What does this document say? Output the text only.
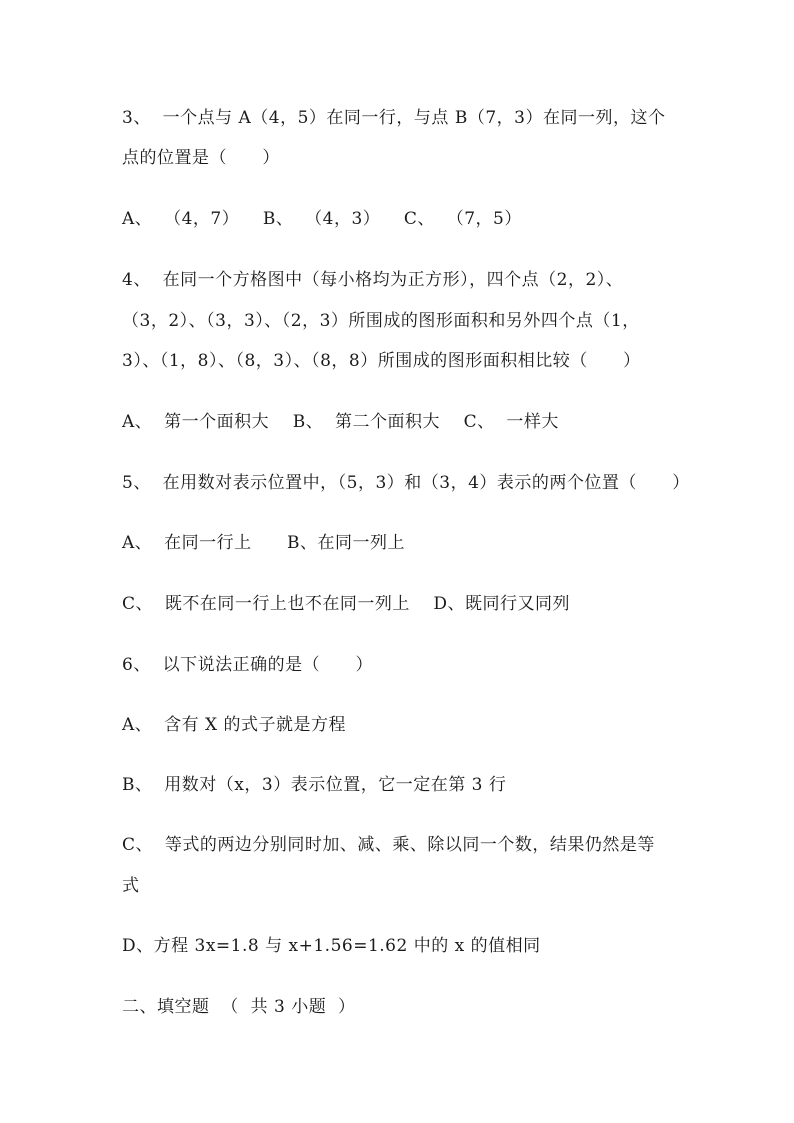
3、  一个点与 A（4，5）在同一行，与点 B（7，3）在同一列，这个
点的位置是（      ）
A、  （4，7）    B、  （4，3）    C、  （7，5）
4、  在同一个方格图中（每小格均为正方形），四个点（2，2）、
（3，2）、（3，3）、（2，3）所围成的图形面积和另外四个点（1，
3）、（1，8）、（8，3）、（8，8）所围成的图形面积相比较（      ）
A、  第一个面积大    B、  第二个面积大    C、  一样大
5、  在用数对表示位置中，（5，3）和（3，4）表示的两个位置（      ）
A、  在同一行上      B、在同一列上
C、  既不在同一行上也不在同一列上    D、既同行又同列
6、  以下说法正确的是（      ）
A、  含有 X 的式子就是方程
B、  用数对（x，3）表示位置，它一定在第 3 行
C、  等式的两边分别同时加、减、乘、除以同一个数，结果仍然是等
式
D、方程 3x=1.8 与 x+1.56=1.62 中的 x 的值相同
二、填空题  （  共 3 小题  ）
